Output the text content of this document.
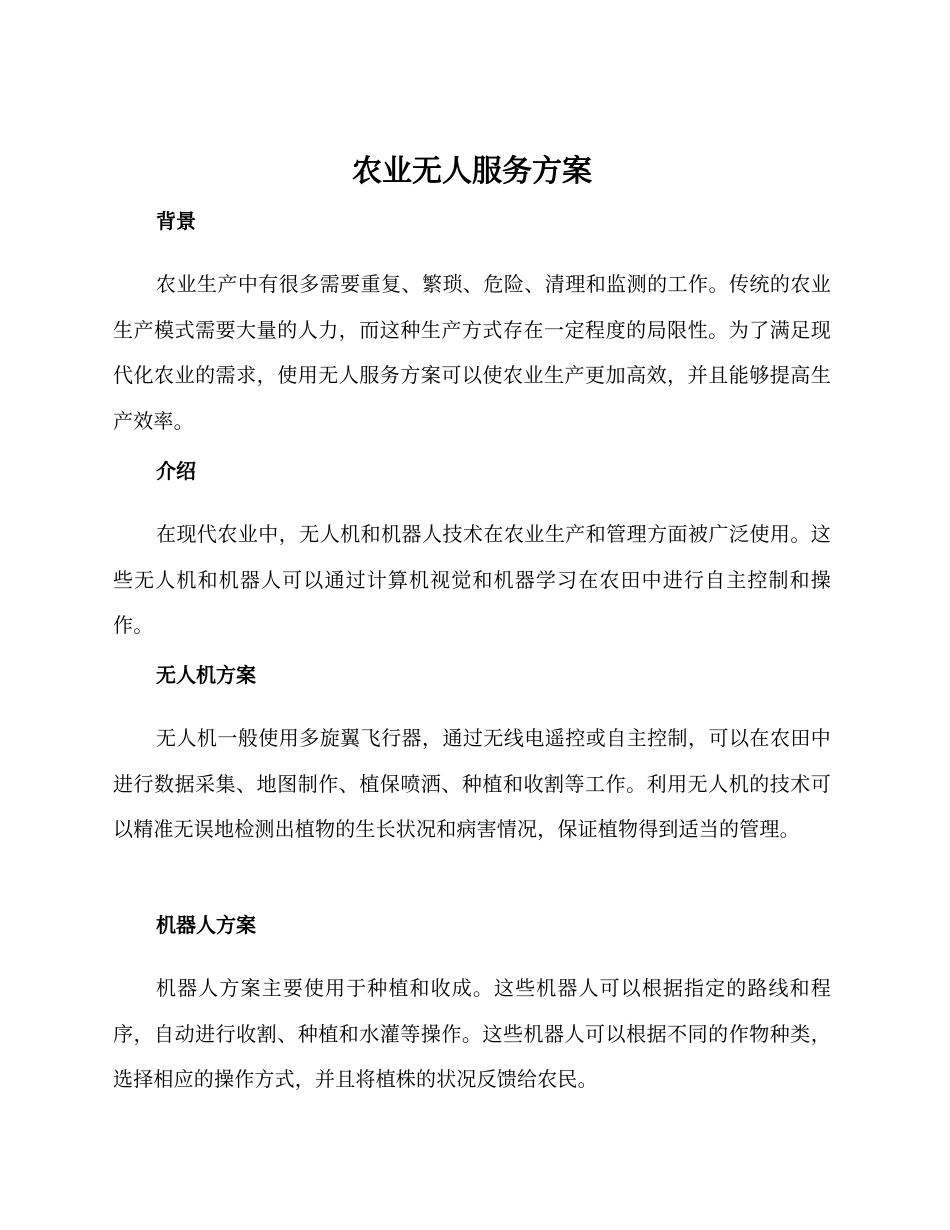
农业无人服务方案
背景

农业生产中有很多需要重复、繁琐、危险、清理和监测的工作。传统的农业生产模式需要大量的人力，而这种生产方式存在一定程度的局限性。为了满足现代化农业的需求，使用无人服务方案可以使农业生产更加高效，并且能够提高生产效率。

介绍

在现代农业中，无人机和机器人技术在农业生产和管理方面被广泛使用。这些无人机和机器人可以通过计算机视觉和机器学习在农田中进行自主控制和操作。

无人机方案

无人机一般使用多旋翼飞行器，通过无线电遥控或自主控制，可以在农田中进行数据采集、地图制作、植保喷洒、种植和收割等工作。利用无人机的技术可以精准无误地检测出植物的生长状况和病害情况，保证植物得到适当的管理。

机器人方案

机器人方案主要使用于种植和收成。这些机器人可以根据指定的路线和程序，自动进行收割、种植和水灌等操作。这些机器人可以根据不同的作物种类，选择相应的操作方式，并且将植株的状况反馈给农民。
